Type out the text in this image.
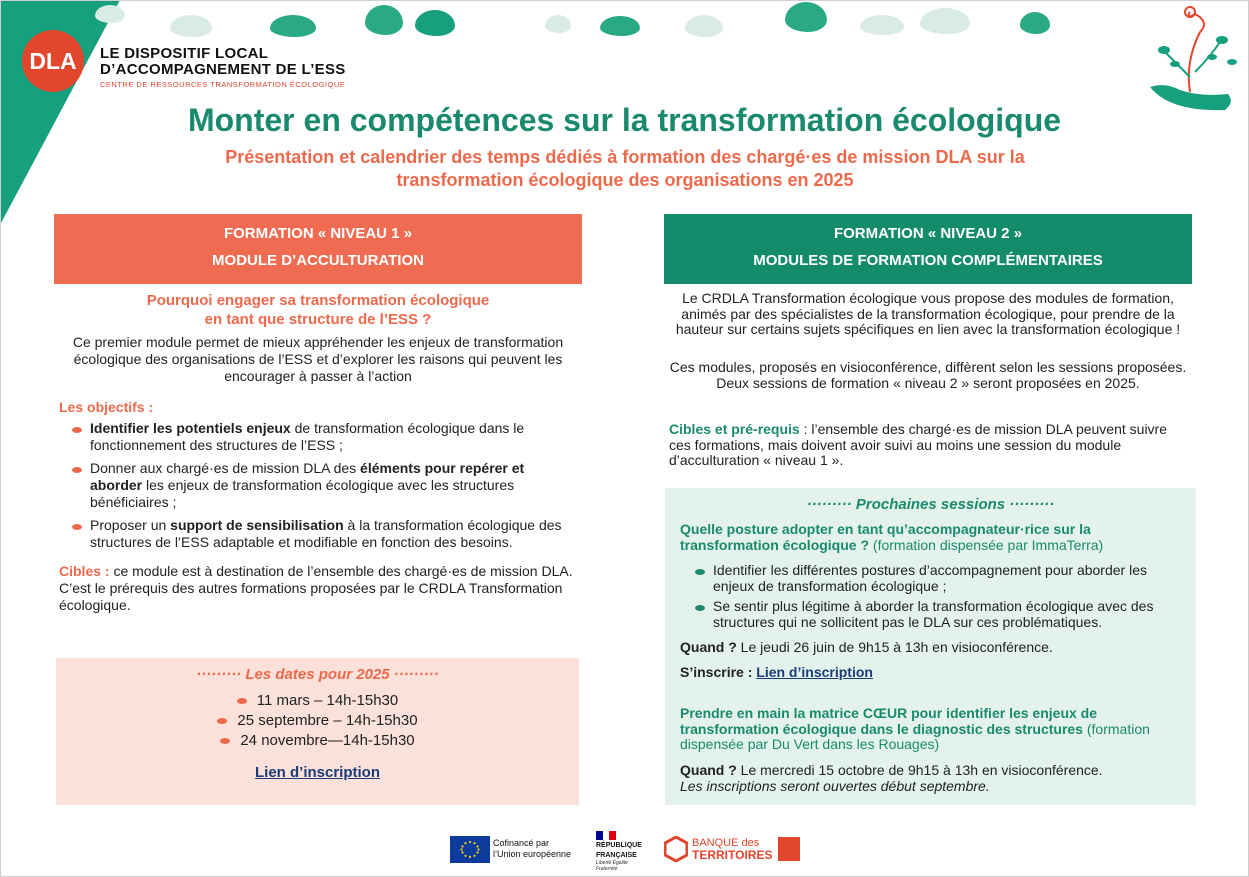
DLA LE DISPOSITIF LOCAL
D’ACCOMPAGNEMENT DE L’ESS
CENTRE DE RESSOURCES TRANSFORMATION ÉCOLOGIQUE
Monter en compétences sur la transformation écologique
Présentation et calendrier des temps dédiés à formation des chargé·es de mission DLA sur la transformation écologique des organisations en 2025
FORMATION « NIVEAU 1 »
MODULE D’ACCULTURATION
Pourquoi engager sa transformation écologique
en tant que structure de l’ESS ?
Ce premier module permet de mieux appréhender les enjeux de transformation écologique des organisations de l’ESS et d’explorer les raisons qui peuvent les encourager à passer à l’action
Les objectifs :
Identifier les potentiels enjeux de transformation écologique dans le fonctionnement des structures de l’ESS ;
Donner aux chargé·es de mission DLA des éléments pour repérer et aborder les enjeux de transformation écologique avec les structures bénéficiaires ;
Proposer un support de sensibilisation à la transformation écologique des structures de l’ESS adaptable et modifiable en fonction des besoins.
Cibles : ce module est à destination de l’ensemble des chargé·es de mission DLA. C’est le prérequis des autres formations proposées par le CRDLA Transformation écologique.
········· Les dates pour 2025 ·········
11 mars – 14h-15h30
25 septembre – 14h-15h30
24 novembre—14h-15h30
Lien d’inscription
FORMATION « NIVEAU 2 »
MODULES DE FORMATION COMPLÉMENTAIRES
Le CRDLA Transformation écologique vous propose des modules de formation, animés par des spécialistes de la transformation écologique, pour prendre de la hauteur sur certains sujets spécifiques en lien avec la transformation écologique !
Ces modules, proposés en visioconférence, diffèrent selon les sessions proposées. Deux sessions de formation « niveau 2 » seront proposées en 2025.
Cibles et pré-requis : l’ensemble des chargé·es de mission DLA peuvent suivre ces formations, mais doivent avoir suivi au moins une session du module d’acculturation « niveau 1 ».
········· Prochaines sessions ·········
Quelle posture adopter en tant qu’accompagnateur·rice sur la transformation écologique ? (formation dispensée par ImmaTerra)
Identifier les différentes postures d’accompagnement pour aborder les enjeux de transformation écologique ;
Se sentir plus légitime à aborder la transformation écologique avec des structures qui ne sollicitent pas le DLA sur ces problématiques.
Quand ? Le jeudi 26 juin de 9h15 à 13h en visioconférence.
S’inscrire : Lien d’inscription
Prendre en main la matrice CŒUR pour identifier les enjeux de transformation écologique dans le diagnostic des structures (formation dispensée par Du Vert dans les Rouages)
Quand ? Le mercredi 15 octobre de 9h15 à 13h en visioconférence.
Les inscriptions seront ouvertes début septembre.
Cofinancé par
l’Union européenne
RÉPUBLIQUE
FRANÇAISE
Liberté Égalité Fraternité
BANQUE des
TERRITOIRES
